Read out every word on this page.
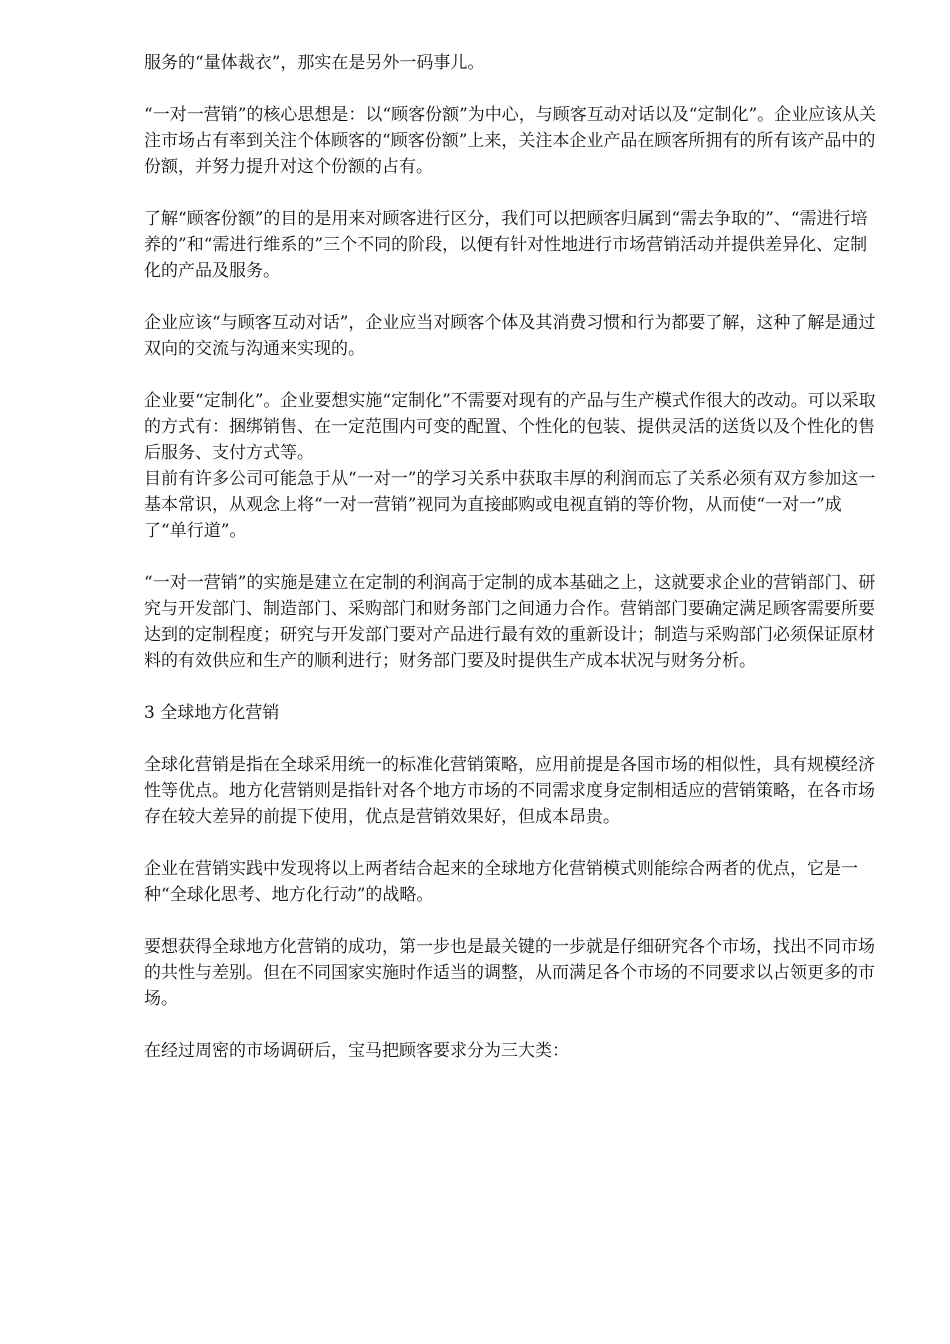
服务的“量体裁衣”，那实在是另外一码事儿。

“一对一营销”的核心思想是：以“顾客份额”为中心，与顾客互动对话以及“定制化”。企业应该从关注市场占有率到关注个体顾客的“顾客份额”上来，关注本企业产品在顾客所拥有的所有该产品中的份额，并努力提升对这个份额的占有。

了解“顾客份额”的目的是用来对顾客进行区分，我们可以把顾客归属到“需去争取的”、“需进行培养的”和“需进行维系的”三个不同的阶段，以便有针对性地进行市场营销活动并提供差异化、定制化的产品及服务。

企业应该“与顾客互动对话”，企业应当对顾客个体及其消费习惯和行为都要了解，这种了解是通过双向的交流与沟通来实现的。

企业要“定制化”。企业要想实施“定制化”不需要对现有的产品与生产模式作很大的改动。可以采取的方式有：捆绑销售、在一定范围内可变的配置、个性化的包装、提供灵活的送货以及个性化的售后服务、支付方式等。

目前有许多公司可能急于从“一对一”的学习关系中获取丰厚的利润而忘了关系必须有双方参加这一基本常识，从观念上将“一对一营销”视同为直接邮购或电视直销的等价物，从而使“一对一”成了“单行道”。

“一对一营销”的实施是建立在定制的利润高于定制的成本基础之上，这就要求企业的营销部门、研究与开发部门、制造部门、采购部门和财务部门之间通力合作。营销部门要确定满足顾客需要所要达到的定制程度；研究与开发部门要对产品进行最有效的重新设计；制造与采购部门必须保证原材料的有效供应和生产的顺利进行；财务部门要及时提供生产成本状况与财务分析。

3 全球地方化营销

全球化营销是指在全球采用统一的标准化营销策略，应用前提是各国市场的相似性，具有规模经济性等优点。地方化营销则是指针对各个地方市场的不同需求度身定制相适应的营销策略，在各市场存在较大差异的前提下使用，优点是营销效果好，但成本昂贵。

企业在营销实践中发现将以上两者结合起来的全球地方化营销模式则能综合两者的优点，它是一种“全球化思考、地方化行动”的战略。

要想获得全球地方化营销的成功，第一步也是最关键的一步就是仔细研究各个市场，找出不同市场的共性与差别。但在不同国家实施时作适当的调整，从而满足各个市场的不同要求以占领更多的市场。

在经过周密的市场调研后，宝马把顾客要求分为三大类：
